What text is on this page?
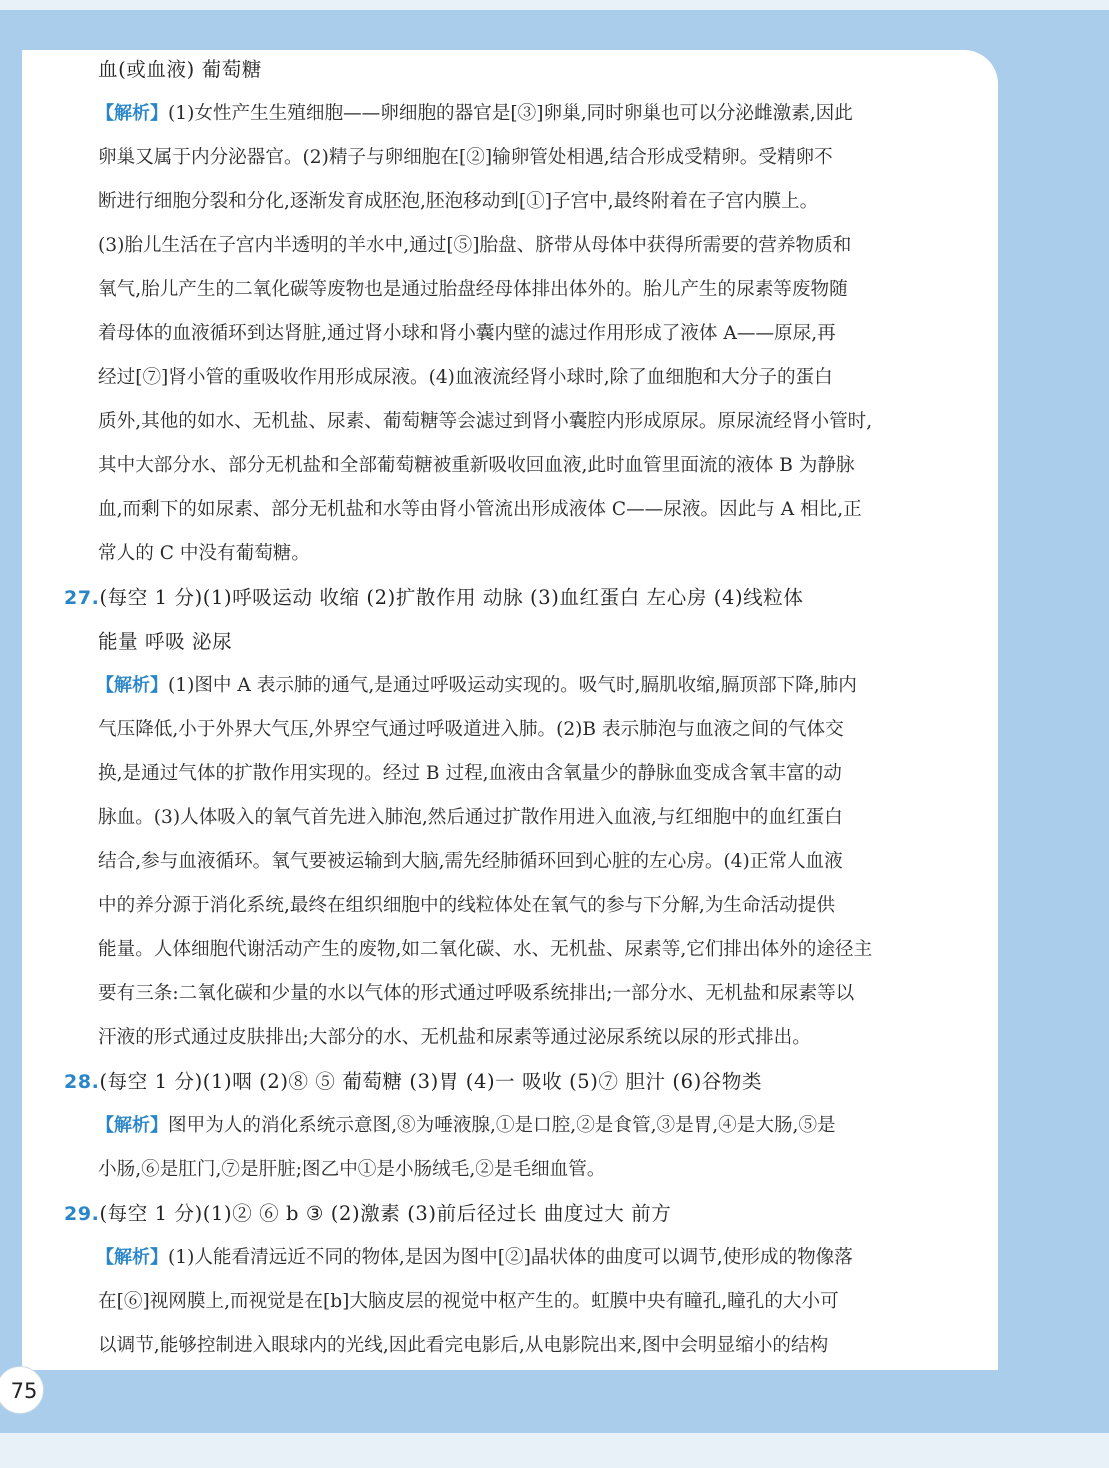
血(或血液) 葡萄糖
【解析】(1)女性产生生殖细胞——卵细胞的器官是[③]卵巢,同时卵巢也可以分泌雌激素,因此
卵巢又属于内分泌器官。(2)精子与卵细胞在[②]输卵管处相遇,结合形成受精卵。受精卵不
断进行细胞分裂和分化,逐渐发育成胚泡,胚泡移动到[①]子宫中,最终附着在子宫内膜上。
(3)胎儿生活在子宫内半透明的羊水中,通过[⑤]胎盘、脐带从母体中获得所需要的营养物质和
氧气,胎儿产生的二氧化碳等废物也是通过胎盘经母体排出体外的。胎儿产生的尿素等废物随
着母体的血液循环到达肾脏,通过肾小球和肾小囊内壁的滤过作用形成了液体 A——原尿,再
经过[⑦]肾小管的重吸收作用形成尿液。(4)血液流经肾小球时,除了血细胞和大分子的蛋白
质外,其他的如水、无机盐、尿素、葡萄糖等会滤过到肾小囊腔内形成原尿。原尿流经肾小管时,
其中大部分水、部分无机盐和全部葡萄糖被重新吸收回血液,此时血管里面流的液体 B 为静脉
血,而剩下的如尿素、部分无机盐和水等由肾小管流出形成液体 C——尿液。因此与 A 相比,正
常人的 C 中没有葡萄糖。
27.(每空 1 分)(1)呼吸运动 收缩 (2)扩散作用 动脉 (3)血红蛋白 左心房 (4)线粒体
能量 呼吸 泌尿
【解析】(1)图中 A 表示肺的通气,是通过呼吸运动实现的。吸气时,膈肌收缩,膈顶部下降,肺内
气压降低,小于外界大气压,外界空气通过呼吸道进入肺。(2)B 表示肺泡与血液之间的气体交
换,是通过气体的扩散作用实现的。经过 B 过程,血液由含氧量少的静脉血变成含氧丰富的动
脉血。(3)人体吸入的氧气首先进入肺泡,然后通过扩散作用进入血液,与红细胞中的血红蛋白
结合,参与血液循环。氧气要被运输到大脑,需先经肺循环回到心脏的左心房。(4)正常人血液
中的养分源于消化系统,最终在组织细胞中的线粒体处在氧气的参与下分解,为生命活动提供
能量。人体细胞代谢活动产生的废物,如二氧化碳、水、无机盐、尿素等,它们排出体外的途径主
要有三条:二氧化碳和少量的水以气体的形式通过呼吸系统排出;一部分水、无机盐和尿素等以
汗液的形式通过皮肤排出;大部分的水、无机盐和尿素等通过泌尿系统以尿的形式排出。
28.(每空 1 分)(1)咽 (2)⑧ ⑤ 葡萄糖 (3)胃 (4)一 吸收 (5)⑦ 胆汁 (6)谷物类
【解析】图甲为人的消化系统示意图,⑧为唾液腺,①是口腔,②是食管,③是胃,④是大肠,⑤是
小肠,⑥是肛门,⑦是肝脏;图乙中①是小肠绒毛,②是毛细血管。
29.(每空 1 分)(1)② ⑥ b ③ (2)激素 (3)前后径过长 曲度过大 前方
【解析】(1)人能看清远近不同的物体,是因为图中[②]晶状体的曲度可以调节,使形成的物像落
在[⑥]视网膜上,而视觉是在[b]大脑皮层的视觉中枢产生的。虹膜中央有瞳孔,瞳孔的大小可
以调节,能够控制进入眼球内的光线,因此看完电影后,从电影院出来,图中会明显缩小的结构
75
